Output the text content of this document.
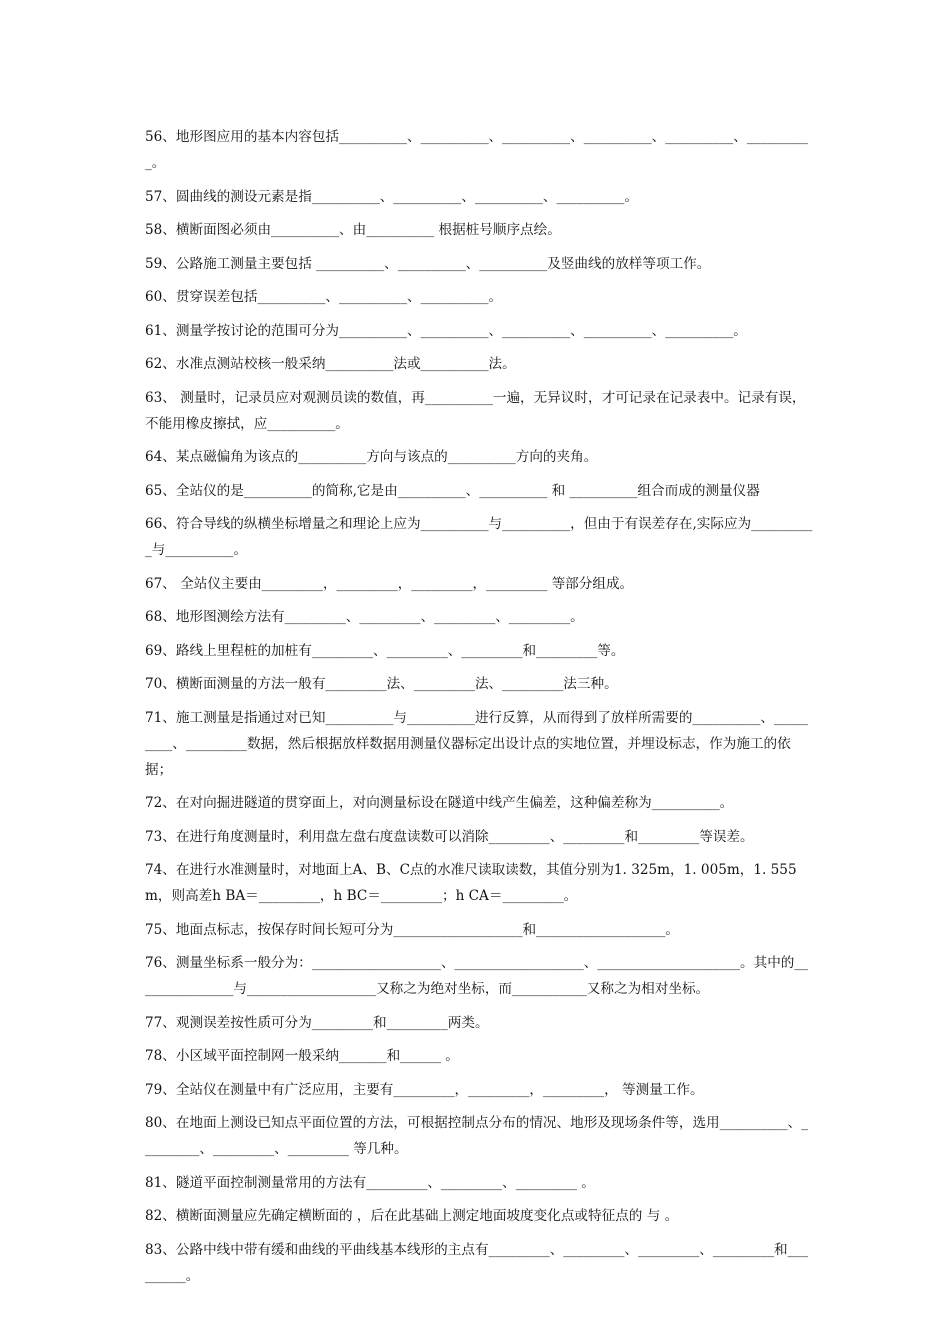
56、地形图应用的基本内容包括__________、__________、__________、__________、__________、__________。

57、圆曲线的测设元素是指__________、__________、__________、__________。

58、横断面图必须由__________、由__________ 根据桩号顺序点绘。

59、公路施工测量主要包括 __________、__________、__________及竖曲线的放样等项工作。

60、贯穿误差包括__________、__________、__________。

61、测量学按讨论的范围可分为__________、__________、__________、__________、__________。

62、水准点测站校核一般采纳__________法或__________法。

63、 测量时，记录员应对观测员读的数值，再__________一遍，无异议时，才可记录在记录表中。记录有误，不能用橡皮擦拭，应__________。

64、某点磁偏角为该点的__________方向与该点的__________方向的夹角。

65、全站仪的是__________的简称,它是由__________、__________ 和 __________组合而成的测量仪器

66、符合导线的纵横坐标增量之和理论上应为__________与__________，但由于有误差存在,实际应为__________与__________。

67、 全站仪主要由_________，_________，_________，_________ 等部分组成。

68、地形图测绘方法有_________、_________、_________、_________。

69、路线上里程桩的加桩有_________、_________、_________和_________等。

70、横断面测量的方法一般有_________法、_________法、_________法三种。

71、施工测量是指通过对已知__________与__________进行反算，从而得到了放样所需要的__________、_________、_________数据，然后根据放样数据用测量仪器标定出设计点的实地位置，并埋设标志，作为施工的依据；

72、在对向掘进隧道的贯穿面上，对向测量标设在隧道中线产生偏差，这种偏差称为__________。

73、在进行角度测量时，利用盘左盘右度盘读数可以消除_________、_________和_________等误差。

74、在进行水准测量时，对地面上A、B、C点的水准尺读取读数，其值分别为1. 325m，1. 005m，1. 555m，则高差h BA＝_________，h BC＝_________；h CA＝_________。

75、地面点标志，按保存时间长短可分为___________________和___________________。

76、测量坐标系一般分为：___________________、___________________、_____________________。其中的_______________与___________________又称之为绝对坐标，而___________又称之为相对坐标。

77、观测误差按性质可分为_________和_________两类。

78、小区域平面控制网一般采纳_______和______ 。

79、全站仪在测量中有广泛应用，主要有_________，_________，_________， 等测量工作。

80、在地面上测设已知点平面位置的方法，可根据控制点分布的情况、地形及现场条件等，选用__________、_________、_________、_________ 等几种。

81、隧道平面控制测量常用的方法有_________、_________、_________ 。

82、横断面测量应先确定横断面的 ，后在此基础上测定地面坡度变化点或特征点的 与 。

83、公路中线中带有缓和曲线的平曲线基本线形的主点有_________、_________、_________、_________和_________。
